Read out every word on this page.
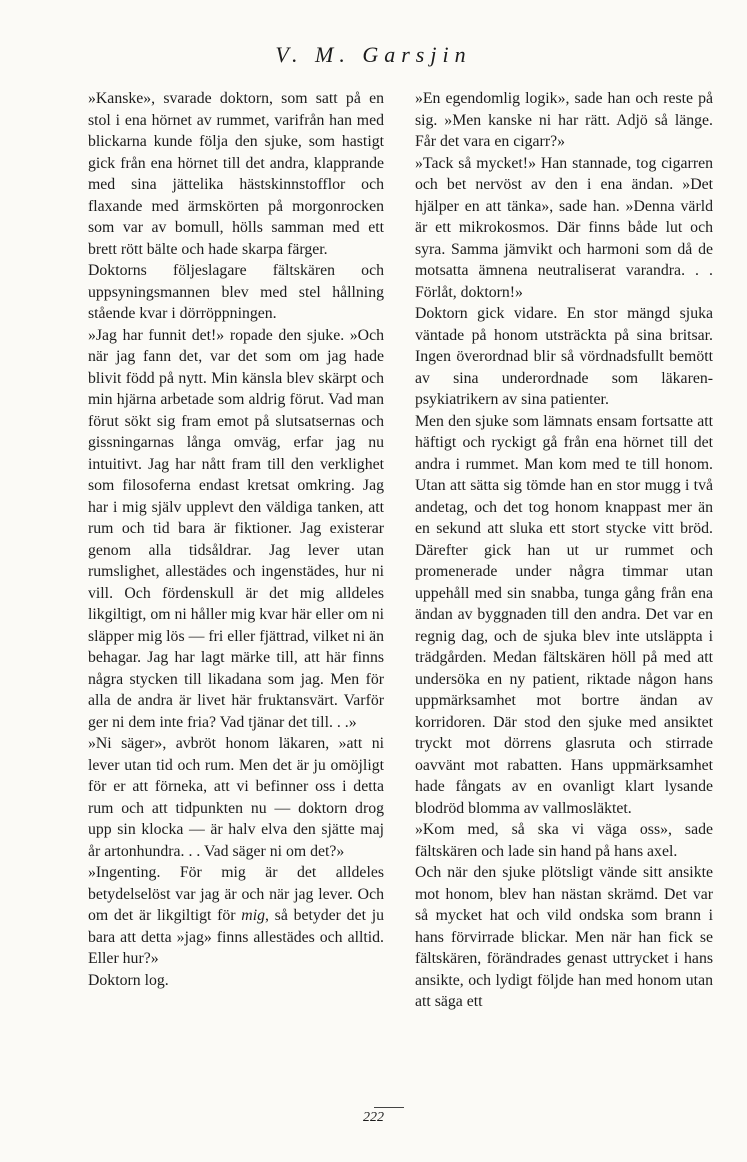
V. M. Garsjin

»Kanske», svarade doktorn, som satt på en stol i ena hörnet av rummet, varifrån han med blickarna kunde följa den sjuke, som hastigt gick från ena hörnet till det andra, klapprande med sina jättelika hästskinnstofflor och flaxande med ärmskörten på morgonrocken som var av bomull, hölls samman med ett brett rött bälte och hade skarpa färger.

Doktorns följeslagare fältskären och uppsyningsmannen blev med stel hållning stående kvar i dörröppningen.

»Jag har funnit det!» ropade den sjuke. »Och när jag fann det, var det som om jag hade blivit född på nytt. Min känsla blev skärpt och min hjärna arbetade som aldrig förut. Vad man förut sökt sig fram emot på slutsatsernas och gissningarnas långa omväg, erfar jag nu intuitivt. Jag har nått fram till den verklighet som filosoferna endast kretsat omkring. Jag har i mig själv upplevt den väldiga tanken, att rum och tid bara är fiktioner. Jag existerar genom alla tidsåldrar. Jag lever utan rumslighet, allestädes och ingenstädes, hur ni vill. Och fördenskull är det mig alldeles likgiltigt, om ni håller mig kvar här eller om ni släpper mig lös — fri eller fjättrad, vilket ni än behagar. Jag har lagt märke till, att här finns några stycken till likadana som jag. Men för alla de andra är livet här fruktansvärt. Varför ger ni dem inte fria? Vad tjänar det till. . .»

»Ni säger», avbröt honom läkaren, »att ni lever utan tid och rum. Men det är ju omöjligt för er att förneka, att vi befinner oss i detta rum och att tidpunkten nu — doktorn drog upp sin klocka — är halv elva den sjätte maj år artonhundra. . . Vad säger ni om det?»

»Ingenting. För mig är det alldeles betydelselöst var jag är och när jag lever. Och om det är likgiltigt för mig, så betyder det ju bara att detta »jag» finns allestädes och alltid. Eller hur?»

Doktorn log.

»En egendomlig logik», sade han och reste på sig. »Men kanske ni har rätt. Adjö så länge. Får det vara en cigarr?»

»Tack så mycket!» Han stannade, tog cigarren och bet nervöst av den i ena ändan. »Det hjälper en att tänka», sade han. »Denna värld är ett mikrokosmos. Där finns både lut och syra. Samma jämvikt och harmoni som då de motsatta ämnena neutraliserat varandra. . . Förlåt, doktorn!»

Doktorn gick vidare. En stor mängd sjuka väntade på honom utsträckta på sina britsar. Ingen överordnad blir så vördnadsfullt bemött av sina underordnade som läkaren-psykiatrikern av sina patienter.

Men den sjuke som lämnats ensam fortsatte att häftigt och ryckigt gå från ena hörnet till det andra i rummet. Man kom med te till honom. Utan att sätta sig tömde han en stor mugg i två andetag, och det tog honom knappast mer än en sekund att sluka ett stort stycke vitt bröd. Därefter gick han ut ur rummet och promenerade under några timmar utan uppehåll med sin snabba, tunga gång från ena ändan av byggnaden till den andra. Det var en regnig dag, och de sjuka blev inte utsläppta i trädgården. Medan fältskären höll på med att undersöka en ny patient, riktade någon hans uppmärksamhet mot bortre ändan av korridoren. Där stod den sjuke med ansiktet tryckt mot dörrens glasruta och stirrade oavvänt mot rabatten. Hans uppmärksamhet hade fångats av en ovanligt klart lysande blodröd blomma av vallmosläktet.

»Kom med, så ska vi väga oss», sade fältskären och lade sin hand på hans axel.

Och när den sjuke plötsligt vände sitt ansikte mot honom, blev han nästan skrämd. Det var så mycket hat och vild ondska som brann i hans förvirrade blickar. Men när han fick se fältskären, förändrades genast uttrycket i hans ansikte, och lydigt följde han med honom utan att säga ett

222
